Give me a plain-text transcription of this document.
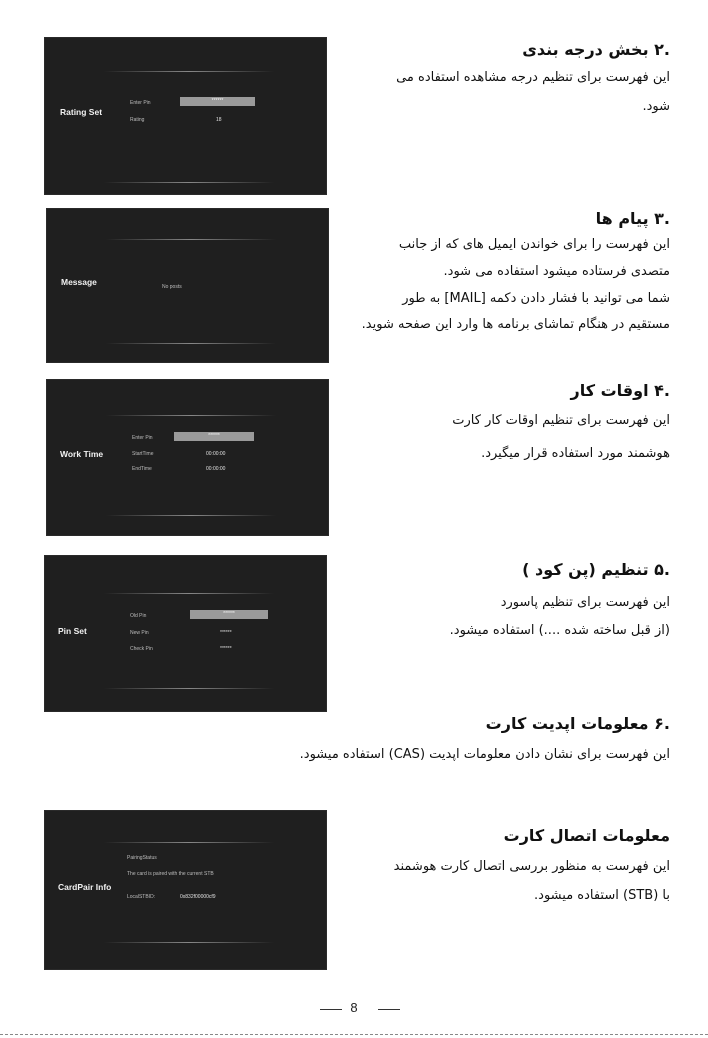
Rating Set
Enter Pin	******
Rating	18
.۲ بخش درجه بندی
این فهرست برای تنظیم درجه مشاهده استفاده می
شود.
Message	No posts
.۳ پیام ها
این فهرست را برای خواندن ایمیل های که از جانب
متصدی فرستاده میشود استفاده می شود.
شما می توانید با فشار دادن دکمه [MAIL] به طور
مستقیم در هنگام تماشای برنامه ها وارد این صفحه شوید.
Work Time
Enter Pin	******
StartTime	00:00:00
EndTime	00:00:00
.۴ اوقات کار
این فهرست برای تنظیم اوقات کار کارت
هوشمند مورد استفاده قرار میگیرد.
Pin Set
Old Pin	******
New Pin	******
Check Pin	******
.۵ تنظیم (پن کود )
این فهرست برای تنظیم پاسورد
(از قبل ساخته شده ....) استفاده میشود.
.۶ معلومات اپدیت کارت
این فهرست برای نشان دادن معلومات اپدیت (CAS) استفاده میشود.
CardPair Info
PairingStatus
The card is paired with the current STB
LocalSTBID:	0x832f00000cf9
معلومات اتصال کارت
این فهرست به منظور بررسی اتصال کارت هوشمند
با (STB) استفاده میشود.
8
